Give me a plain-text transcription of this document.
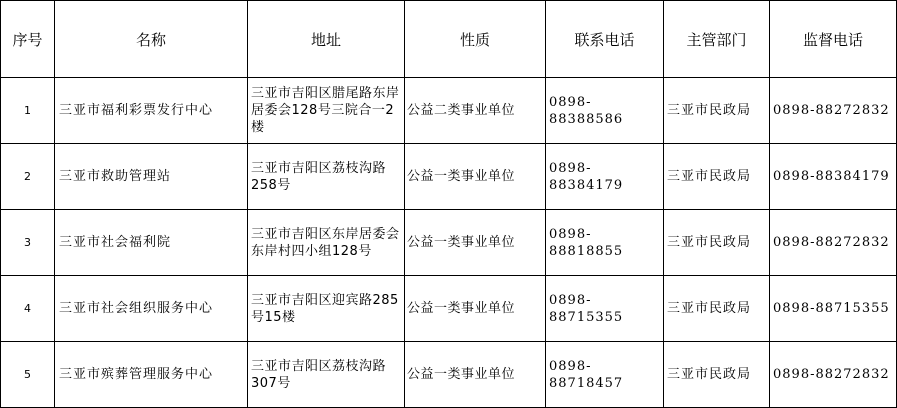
序号	名称	地址	性质	联系电话	主管部门	监督电话
1	三亚市福利彩票发行中心	三亚市吉阳区腊尾路东岸居委会128号三院合一2楼	公益二类事业单位	0898-88388586	三亚市民政局	0898-88272832
2	三亚市救助管理站	三亚市吉阳区荔枝沟路258号	公益一类事业单位	0898-88384179	三亚市民政局	0898-88384179
3	三亚市社会福利院	三亚市吉阳区东岸居委会东岸村四小组128号	公益一类事业单位	0898-88818855	三亚市民政局	0898-88272832
4	三亚市社会组织服务中心	三亚市吉阳区迎宾路285号15楼	公益一类事业单位	0898-88715355	三亚市民政局	0898-88715355
5	三亚市殡葬管理服务中心	三亚市吉阳区荔枝沟路307号	公益一类事业单位	0898-88718457	三亚市民政局	0898-88272832
